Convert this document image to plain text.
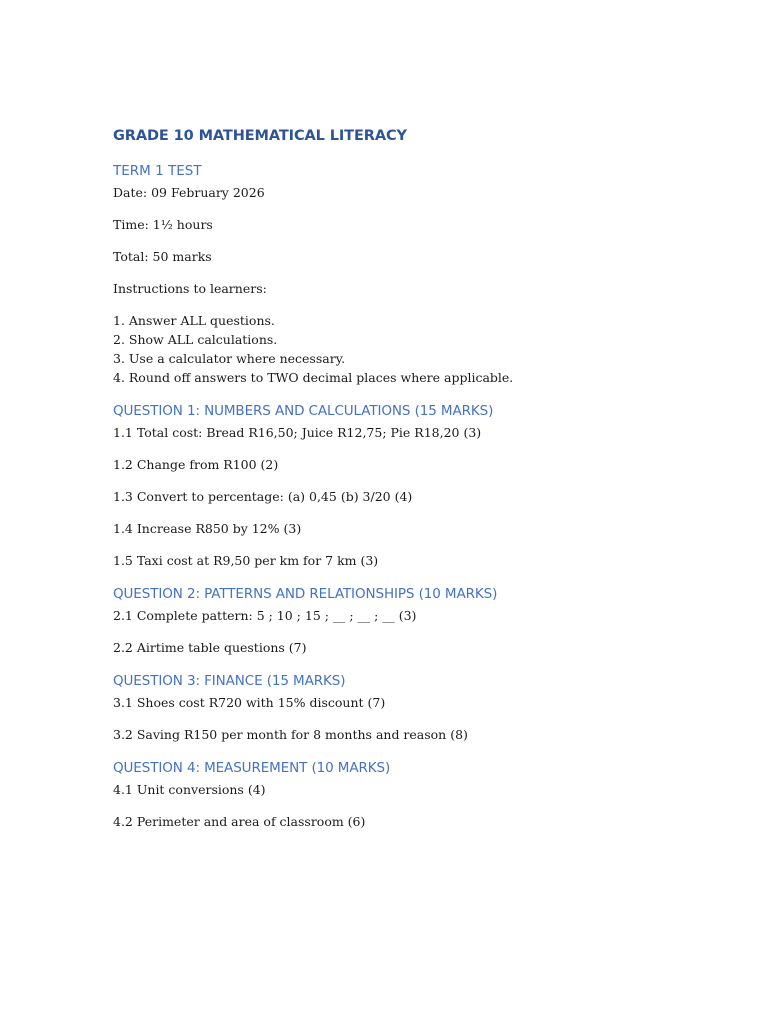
GRADE 10 MATHEMATICAL LITERACY
TERM 1 TEST

Date: 09 February 2026

Time: 1½ hours

Total: 50 marks

Instructions to learners:

1. Answer ALL questions.
2. Show ALL calculations.
3. Use a calculator where necessary.
4. Round off answers to TWO decimal places where applicable.
QUESTION 1: NUMBERS AND CALCULATIONS (15 MARKS)

1.1 Total cost: Bread R16,50; Juice R12,75; Pie R18,20 (3)

1.2 Change from R100 (2)

1.3 Convert to percentage: (a) 0,45 (b) 3/20 (4)

1.4 Increase R850 by 12% (3)

1.5 Taxi cost at R9,50 per km for 7 km (3)

QUESTION 2: PATTERNS AND RELATIONSHIPS (10 MARKS)

2.1 Complete pattern: 5 ; 10 ; 15 ; __ ; __ ; __ (3)

2.2 Airtime table questions (7)

QUESTION 3: FINANCE (15 MARKS)

3.1 Shoes cost R720 with 15% discount (7)

3.2 Saving R150 per month for 8 months and reason (8)

QUESTION 4: MEASUREMENT (10 MARKS)

4.1 Unit conversions (4)

4.2 Perimeter and area of classroom (6)
